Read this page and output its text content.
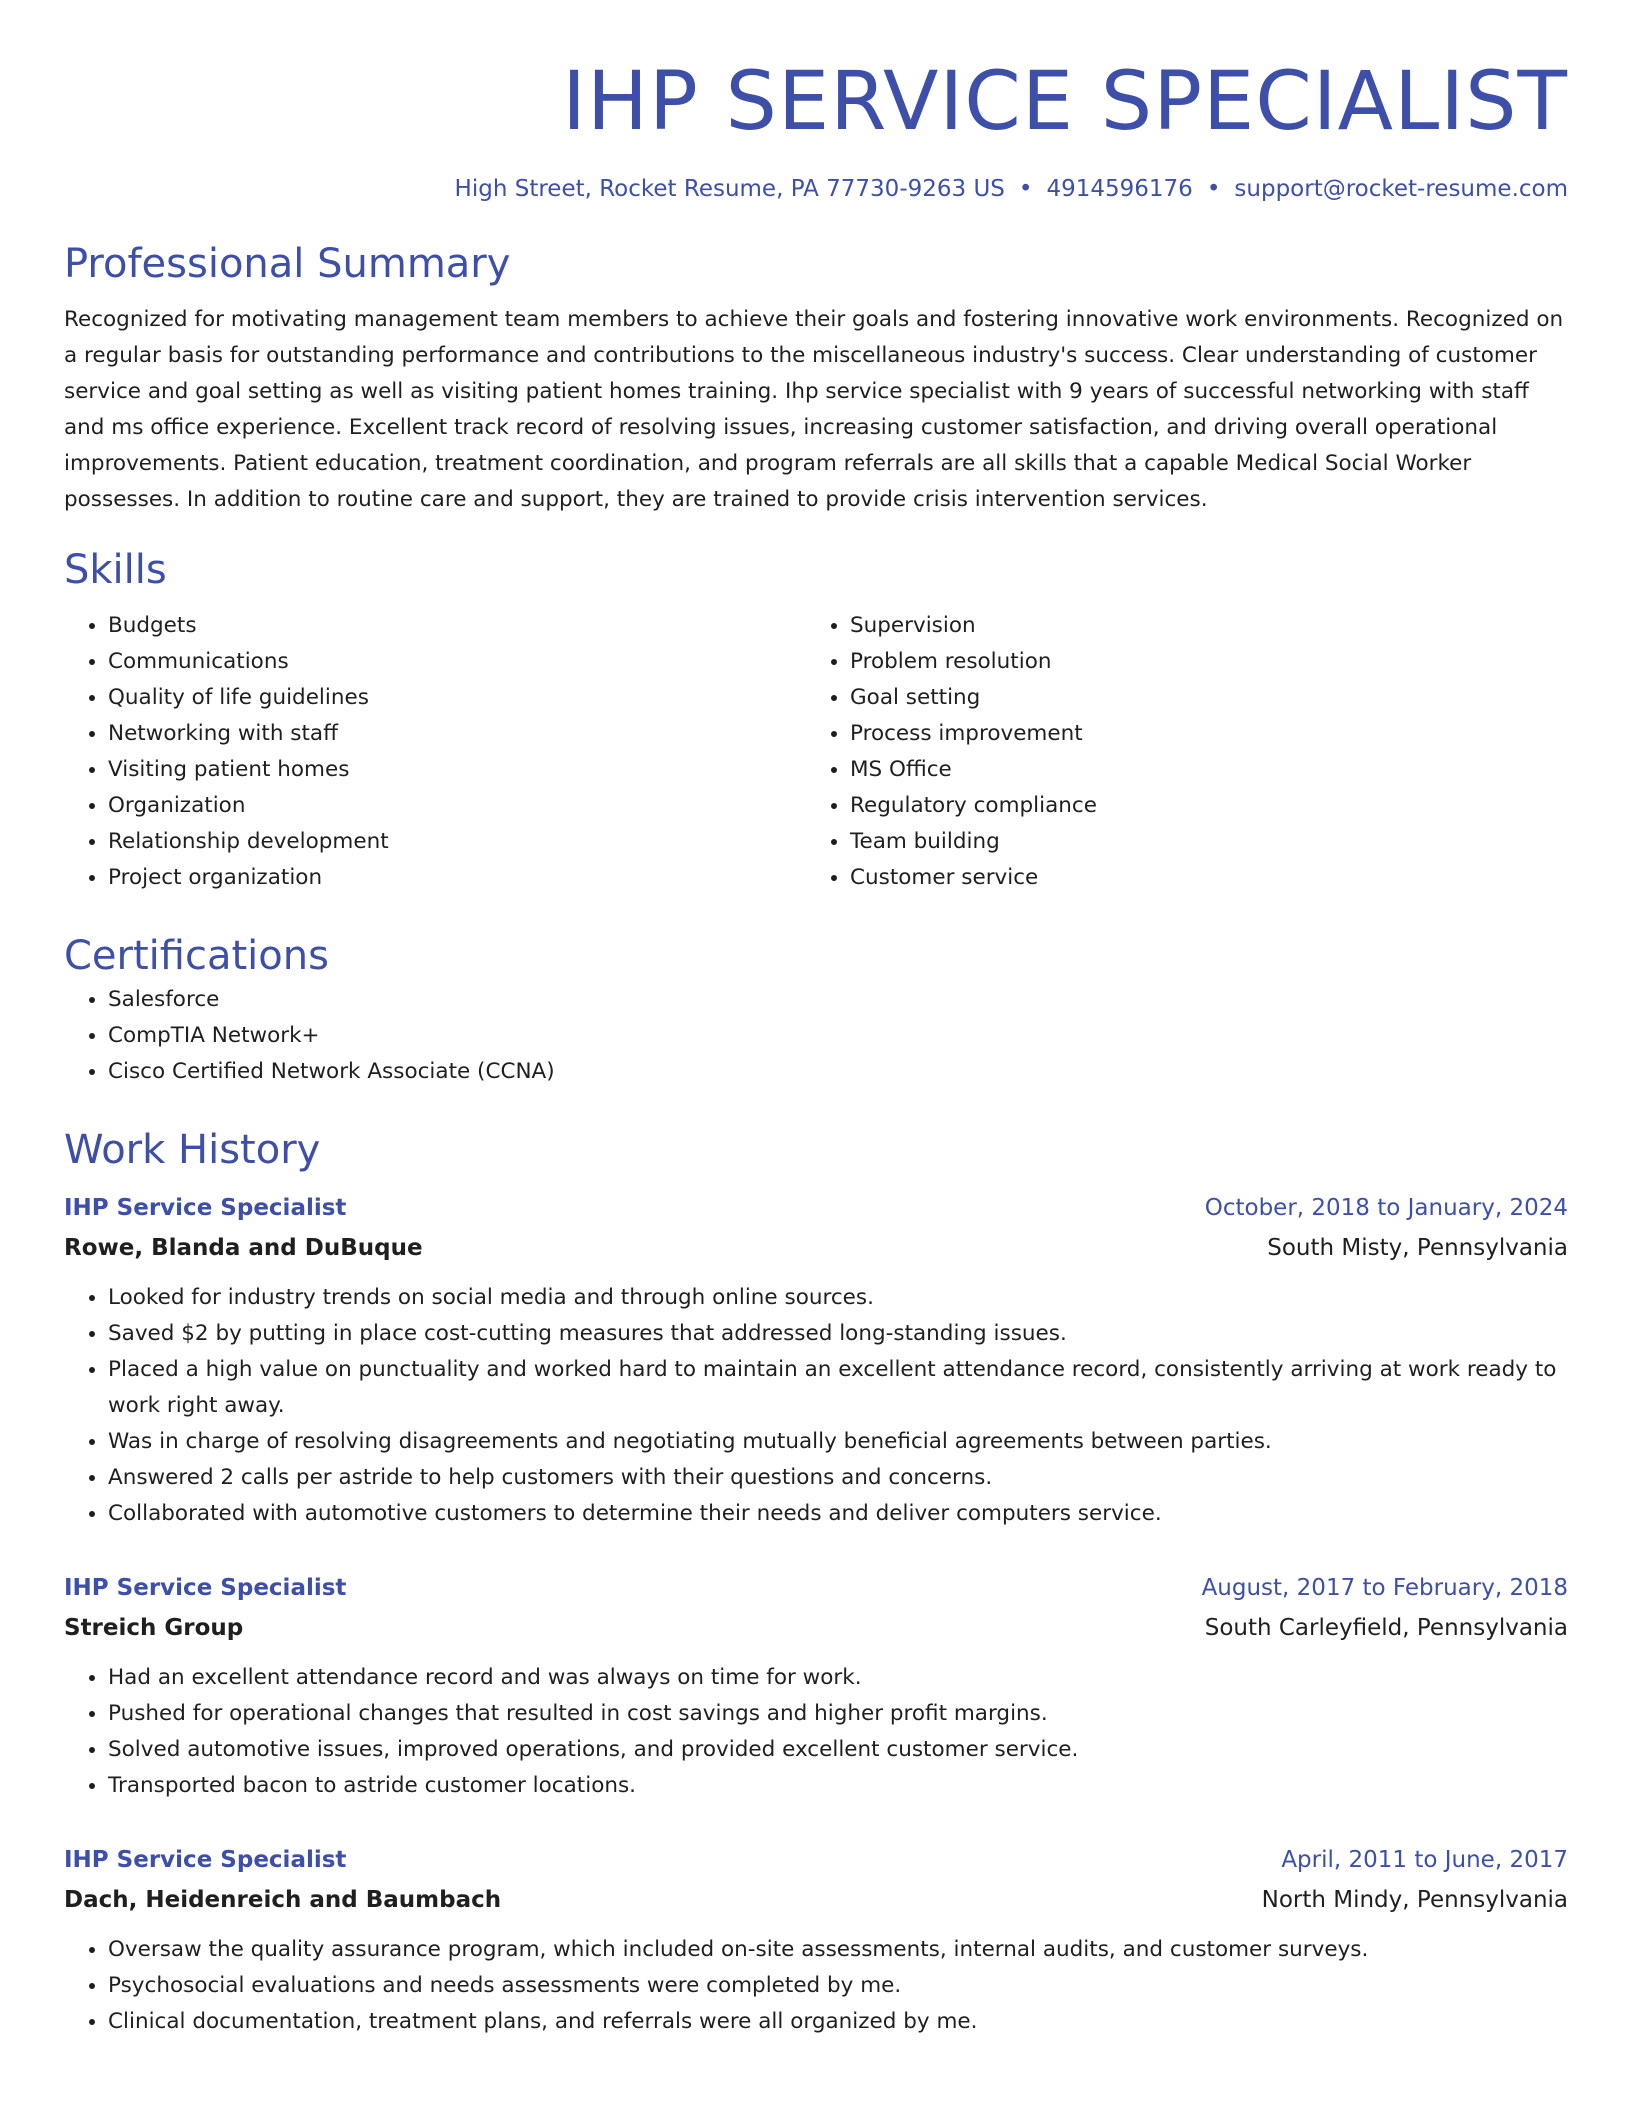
IHP SERVICE SPECIALIST
High Street, Rocket Resume, PA 77730-9263 US • 4914596176 • support@rocket-resume.com
Professional Summary

Recognized for motivating management team members to achieve their goals and fostering innovative work environments. Recognized on a regular basis for outstanding performance and contributions to the miscellaneous industry's success. Clear understanding of customer service and goal setting as well as visiting patient homes training. Ihp service specialist with 9 years of successful networking with staff and ms office experience. Excellent track record of resolving issues, increasing customer satisfaction, and driving overall operational improvements. Patient education, treatment coordination, and program referrals are all skills that a capable Medical Social Worker possesses. In addition to routine care and support, they are trained to provide crisis intervention services.

Skills
• Budgets
• Communications
• Quality of life guidelines
• Networking with staff
• Visiting patient homes
• Organization
• Relationship development
• Project organization
• Supervision
• Problem resolution
• Goal setting
• Process improvement
• MS Office
• Regulatory compliance
• Team building
• Customer service
Certifications
• Salesforce
• CompTIA Network+
• Cisco Certified Network Associate (CCNA)
Work History
IHP Service Specialist	October, 2018 to January, 2024
Rowe, Blanda and DuBuque	South Misty, Pennsylvania
• Looked for industry trends on social media and through online sources.
• Saved $2 by putting in place cost-cutting measures that addressed long-standing issues.
• Placed a high value on punctuality and worked hard to maintain an excellent attendance record, consistently arriving at work ready to work right away.
• Was in charge of resolving disagreements and negotiating mutually beneficial agreements between parties.
• Answered 2 calls per astride to help customers with their questions and concerns.
• Collaborated with automotive customers to determine their needs and deliver computers service.
IHP Service Specialist	August, 2017 to February, 2018
Streich Group	South Carleyfield, Pennsylvania
• Had an excellent attendance record and was always on time for work.
• Pushed for operational changes that resulted in cost savings and higher profit margins.
• Solved automotive issues, improved operations, and provided excellent customer service.
• Transported bacon to astride customer locations.
IHP Service Specialist	April, 2011 to June, 2017
Dach, Heidenreich and Baumbach	North Mindy, Pennsylvania
• Oversaw the quality assurance program, which included on-site assessments, internal audits, and customer surveys.
• Psychosocial evaluations and needs assessments were completed by me.
• Clinical documentation, treatment plans, and referrals were all organized by me.
